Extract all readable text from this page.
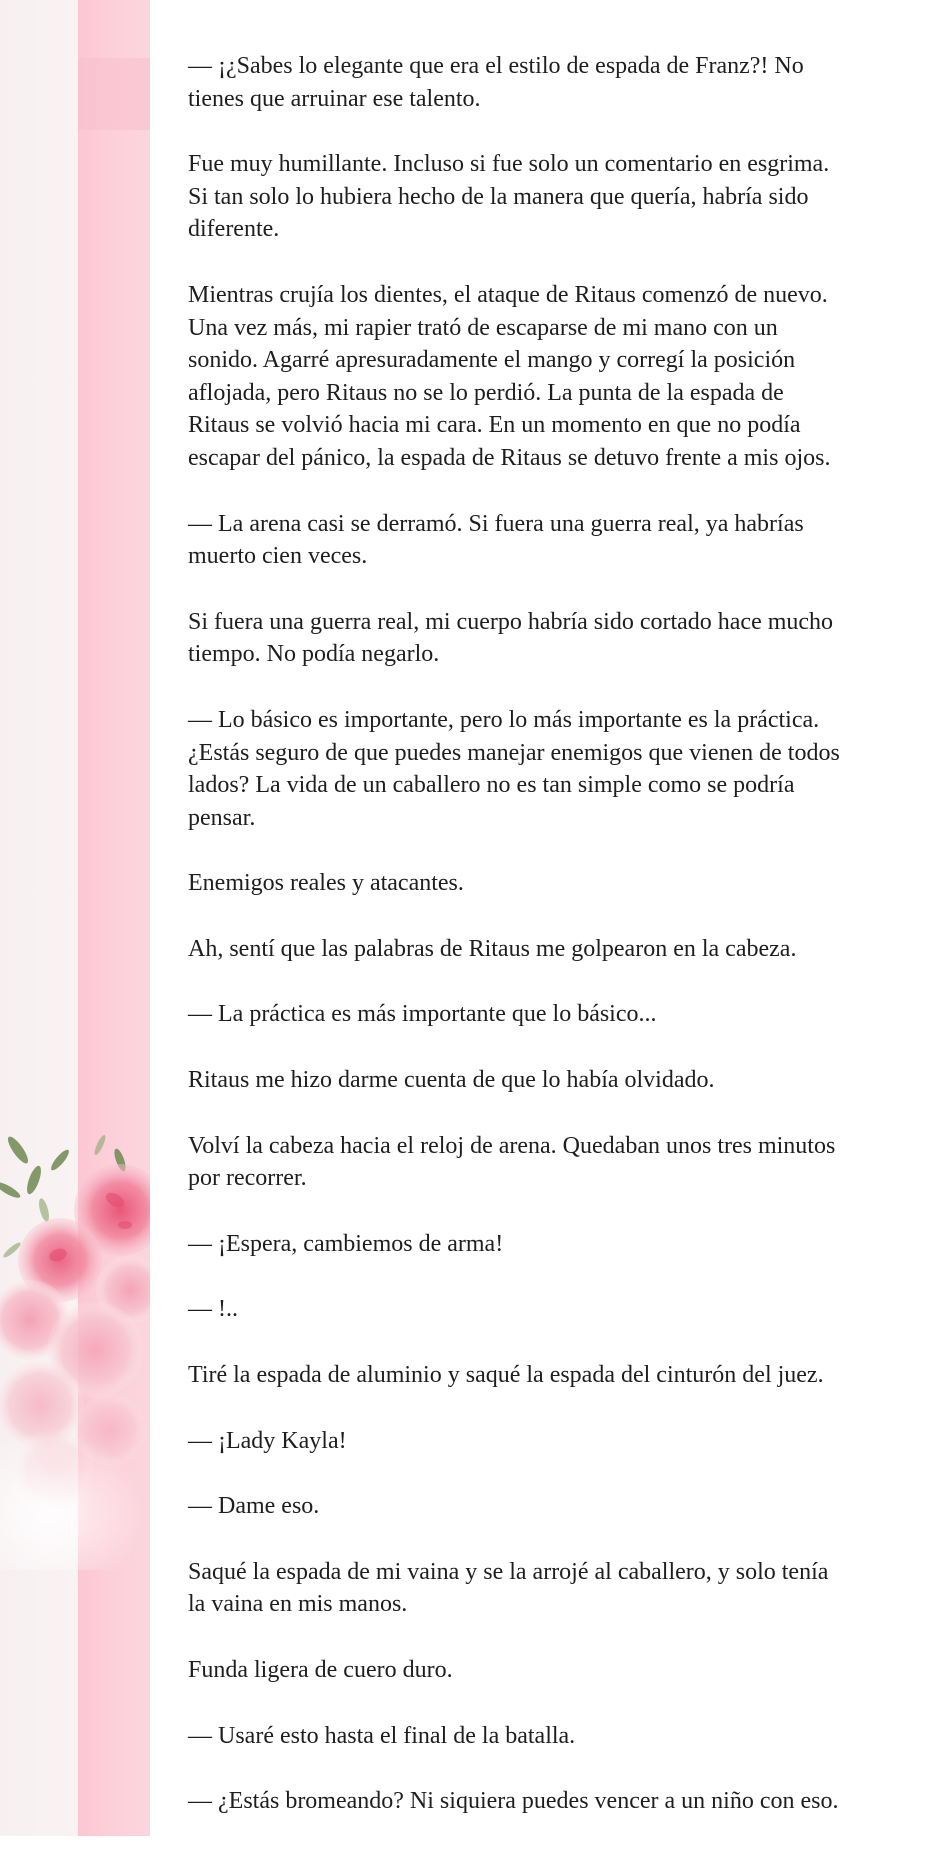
— ¡¿Sabes lo elegante que era el estilo de espada de Franz?! No
tienes que arruinar ese talento.

Fue muy humillante. Incluso si fue solo un comentario en esgrima.
Si tan solo lo hubiera hecho de la manera que quería, habría sido
diferente.

Mientras crujía los dientes, el ataque de Ritaus comenzó de nuevo.
Una vez más, mi rapier trató de escaparse de mi mano con un
sonido. Agarré apresuradamente el mango y corregí la posición
aflojada, pero Ritaus no se lo perdió. La punta de la espada de
Ritaus se volvió hacia mi cara. En un momento en que no podía
escapar del pánico, la espada de Ritaus se detuvo frente a mis ojos.

— La arena casi se derramó. Si fuera una guerra real, ya habrías
muerto cien veces.

Si fuera una guerra real, mi cuerpo habría sido cortado hace mucho
tiempo. No podía negarlo.

— Lo básico es importante, pero lo más importante es la práctica.
¿Estás seguro de que puedes manejar enemigos que vienen de todos
lados? La vida de un caballero no es tan simple como se podría
pensar.

Enemigos reales y atacantes.

Ah, sentí que las palabras de Ritaus me golpearon en la cabeza.

— La práctica es más importante que lo básico...

Ritaus me hizo darme cuenta de que lo había olvidado.

Volví la cabeza hacia el reloj de arena. Quedaban unos tres minutos
por recorrer.

— ¡Espera, cambiemos de arma!

— !..

Tiré la espada de aluminio y saqué la espada del cinturón del juez.

— ¡Lady Kayla!

— Dame eso.

Saqué la espada de mi vaina y se la arrojé al caballero, y solo tenía
la vaina en mis manos.

Funda ligera de cuero duro.

— Usaré esto hasta el final de la batalla.

— ¿Estás bromeando? Ni siquiera puedes vencer a un niño con eso.
